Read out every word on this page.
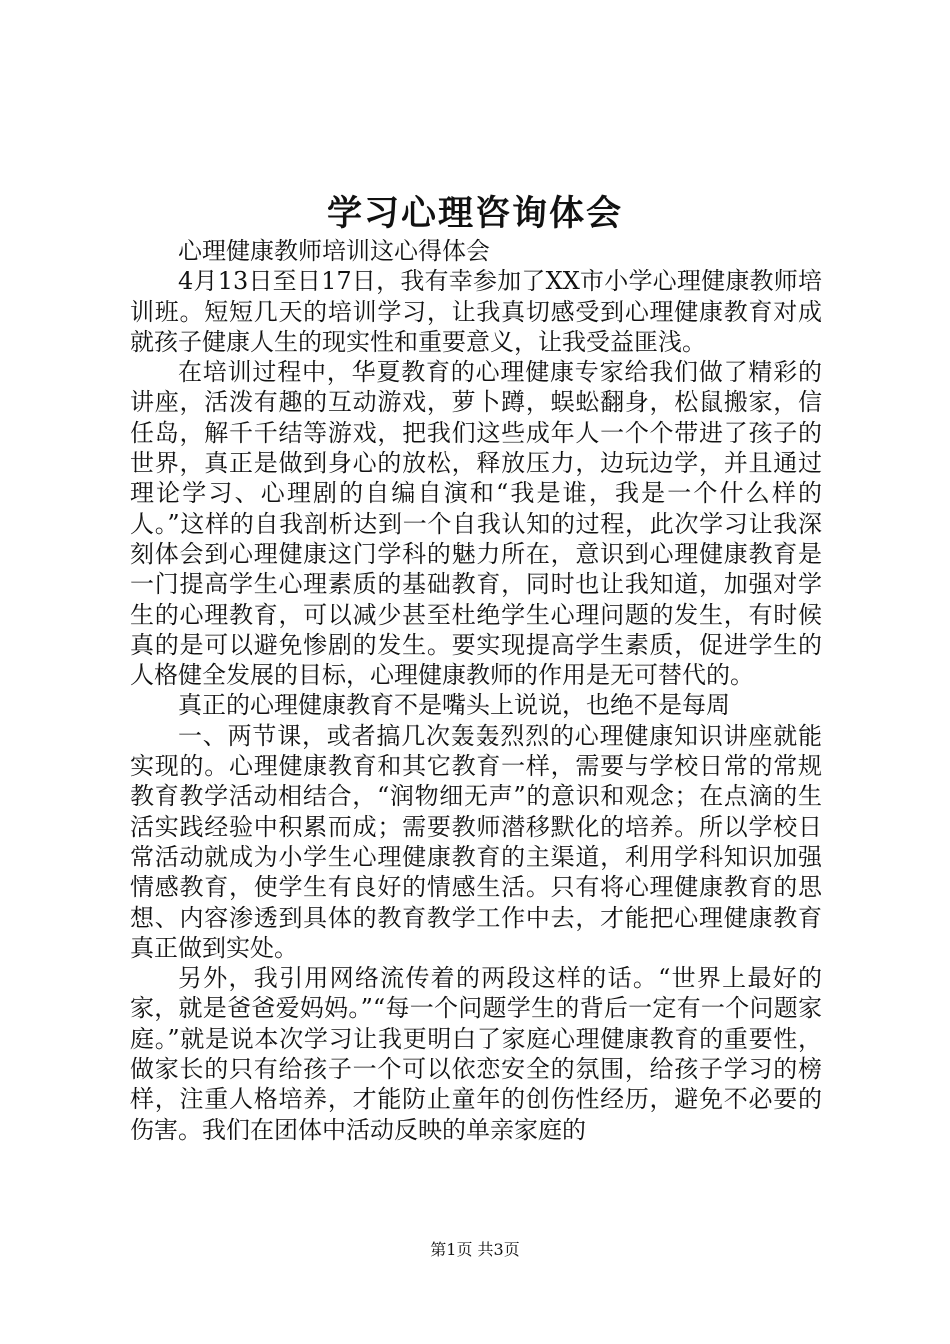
学习心理咨询体会

心理健康教师培训这心得体会

4月13日至日17日，我有幸参加了XX市小学心理健康教师培训班。短短几天的培训学习，让我真切感受到心理健康教育对成就孩子健康人生的现实性和重要意义，让我受益匪浅。

在培训过程中，华夏教育的心理健康专家给我们做了精彩的讲座，活泼有趣的互动游戏，萝卜蹲，蜈蚣翻身，松鼠搬家，信任岛，解千千结等游戏，把我们这些成年人一个个带进了孩子的世界，真正是做到身心的放松，释放压力，边玩边学，并且通过理论学习、心理剧的自编自演和“我是谁，我是一个什么样的人。”这样的自我剖析达到一个自我认知的过程，此次学习让我深刻体会到心理健康这门学科的魅力所在，意识到心理健康教育是一门提高学生心理素质的基础教育，同时也让我知道，加强对学生的心理教育，可以减少甚至杜绝学生心理问题的发生，有时候真的是可以避免惨剧的发生。要实现提高学生素质，促进学生的人格健全发展的目标，心理健康教师的作用是无可替代的。

真正的心理健康教育不是嘴头上说说，也绝不是每周

一、两节课，或者搞几次轰轰烈烈的心理健康知识讲座就能实现的。心理健康教育和其它教育一样，需要与学校日常的常规教育教学活动相结合，“润物细无声”的意识和观念；在点滴的生活实践经验中积累而成；需要教师潜移默化的培养。所以学校日常活动就成为小学生心理健康教育的主渠道，利用学科知识加强情感教育，使学生有良好的情感生活。只有将心理健康教育的思想、内容渗透到具体的教育教学工作中去，才能把心理健康教育真正做到实处。

另外，我引用网络流传着的两段这样的话。“世界上最好的家，就是爸爸爱妈妈。”“每一个问题学生的背后一定有一个问题家庭。”就是说本次学习让我更明白了家庭心理健康教育的重要性，做家长的只有给孩子一个可以依恋安全的氛围，给孩子学习的榜样，注重人格培养，才能防止童年的创伤性经历，避免不必要的伤害。我们在团体中活动反映的单亲家庭的

第1页 共3页
